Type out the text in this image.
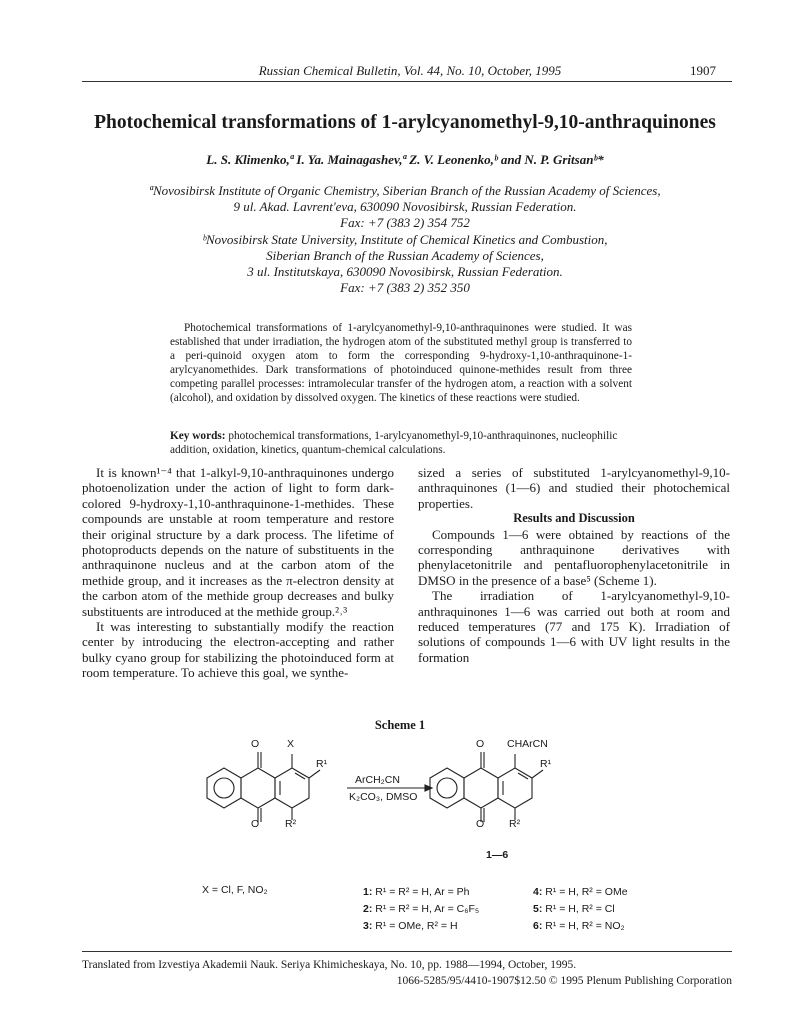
Russian Chemical Bulletin, Vol. 44, No. 10, October, 1995	1907
Photochemical transformations of 1-arylcyanomethyl-9,10-anthraquinones
L. S. Klimenko,ª I. Ya. Mainagashev,ª Z. V. Leonenko,ᵇ and N. P. Gritsanᵇ*
ªNovosibirsk Institute of Organic Chemistry, Siberian Branch of the Russian Academy of Sciences,
9 ul. Akad. Lavrent'eva, 630090 Novosibirsk, Russian Federation.
Fax: +7 (383 2) 354 752
ᵇNovosibirsk State University, Institute of Chemical Kinetics and Combustion,
Siberian Branch of the Russian Academy of Sciences,
3 ul. Institutskaya, 630090 Novosibirsk, Russian Federation.
Fax: +7 (383 2) 352 350

Photochemical transformations of 1-arylcyanomethyl-9,10-anthraquinones were studied. It was established that under irradiation, the hydrogen atom of the substituted methyl group is transferred to a peri-quinoid oxygen atom to form the corresponding 9-hydroxy-1,10-anthraquinone-1-arylcyanomethides. Dark transformations of photoinduced quinone-methides result from three competing parallel processes: intramolecular transfer of the hydrogen atom, a reaction with a solvent (alcohol), and oxidation by dissolved oxygen. The kinetics of these reactions were studied.

Key words: photochemical transformations, 1-arylcyanomethyl-9,10-anthraquinones, nucleophilic addition, oxidation, kinetics, quantum-chemical calculations.

It is known¹⁻⁴ that 1-alkyl-9,10-anthraquinones undergo photoenolization under the action of light to form dark-colored 9-hydroxy-1,10-anthraquinone-1-methides. These compounds are unstable at room temperature and restore their original structure by a dark process. The lifetime of photoproducts depends on the nature of substituents in the anthraquinone nucleus and at the carbon atom of the methide group, and it increases as the π-electron density at the carbon atom of the methide group decreases and bulky substituents are introduced at the methide group.²˒³

It was interesting to substantially modify the reaction center by introducing the electron-accepting and rather bulky cyano group for stabilizing the photoinduced form at room temperature. To achieve this goal, we synthe-

sized a series of substituted 1-arylcyanomethyl-9,10-anthraquinones (1—6) and studied their photochemical properties.

Results and Discussion

Compounds 1—6 were obtained by reactions of the corresponding anthraquinone derivatives with phenylacetonitrile and pentafluorophenylacetonitrile in DMSO in the presence of a base⁵ (Scheme 1).

The irradiation of 1-arylcyanomethyl-9,10-anthraquinones 1—6 was carried out both at room and reduced temperatures (77 and 175 K). Irradiation of solutions of compounds 1—6 with UV light results in the formation

Scheme 1
O	X
R¹
O R²
ArCH₂CN
K₂CO₃, DMSO
O CHArCN
R¹
O R²
1—6
X = Cl, F, NO₂	1: R¹ = R² = H, Ar = Ph
2: R¹ = R² = H, Ar = C₆F₅
3: R¹ = OMe, R² = H
4: R¹ = H, R² = OMe
5: R¹ = H, R² = Cl
6: R¹ = H, R² = NO₂
Translated from Izvestiya Akademii Nauk. Seriya Khimicheskaya, No. 10, pp. 1988—1994, October, 1995.
1066-5285/95/4410-1907$12.50 © 1995 Plenum Publishing Corporation
